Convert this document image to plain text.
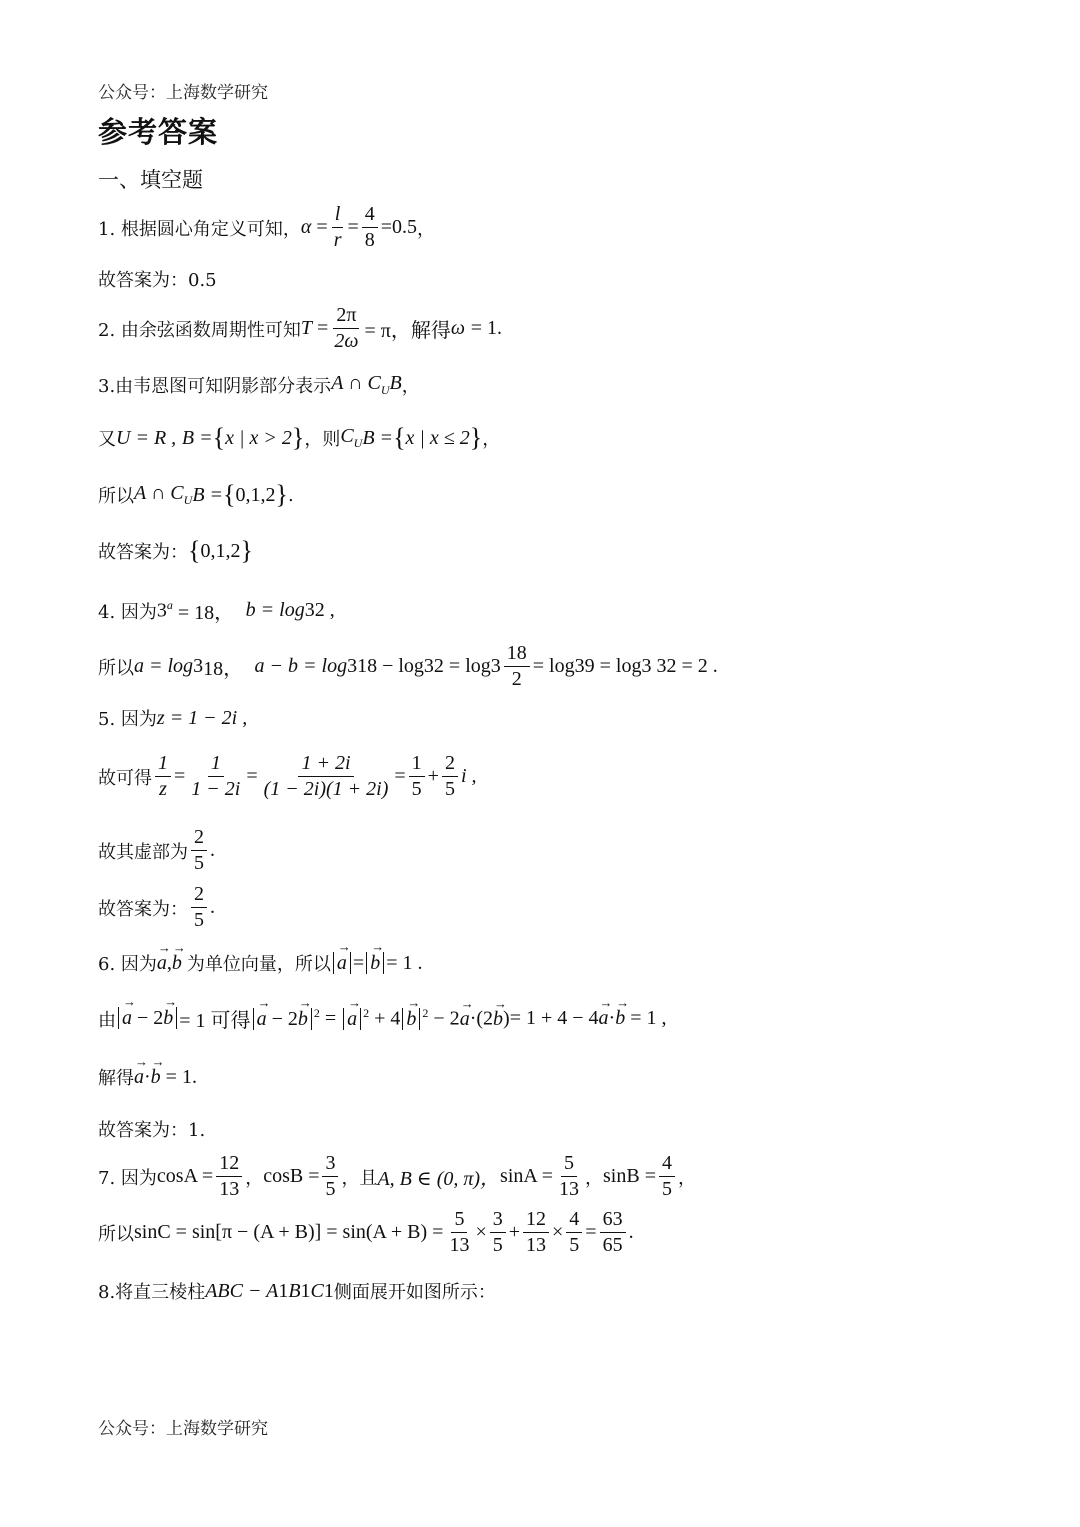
公众号：上海数学研究
参考答案
一、填空题
1. 根据圆心角定义可知， $\alpha = \frac{l}{r} = \frac{4}{8} = 0.5$ ，
故答案为：0.5
2. 由余弦函数周期性可知 $T = \frac{2\pi}{2\omega} = \pi$，解得 ω
= 1.
3.由韦恩图可知阴影部分表示 A ∩ $C_UB$ ，
又 U = R ,
B = { x | x > 2 } ，则 $C_U$ B = { x | x ≤ 2 } ，
所以 A ∩ $C_U$ B = { 0,1,2 } .
故答案为： { 0,1,2 }
4. 因为 $3^a = 18$，
b = log 3 2 ,
所以 a = log 3 18，
a − b = log 3 18 − log 3 $2 = \log 3 \frac{18}{2} = \log 3$ 9 = log 3
3 2
= 2 .
5. 因为 z = 1 − 2i ,
故可得 $\frac{1}{z} = \frac{1}{1 - 2i} = \frac{1 + 2i}{(1 - 2i)(1 + 2i)} = \frac{1}{5} + \frac{2}{5}$ i ,
故其虚部为 $\frac{2}{5}$ .
故答案为： $\frac{2}{5}$ .
6. 因为 → a,→ b 为单位向量，所以 → a = → b = 1 .
由 → a − 2→ b = 1 可得 → a − 2→ b $^2$ = → a $^2$ + 4 → b $^2$ − 2→ a·(2→ b) = 1 + 4 − 4 → a·→ b = 1 ,
解得 → a·→ b = 1.
故答案为：1.
7. 因为 $\cos A = \frac{12}{13}$ ， $\cos B = \frac{3}{5}$ ， 且 A, B ∈ (0, π)， $\sin A = \frac{5}{13}$ ， $\sin B = \frac{4}{5}$ ，
所以 $\sin C = \sin[\pi - (A + B)] = \sin(A + B) = \frac{5}{13} \times \frac{3}{5} + \frac{12}{13} \times \frac{4}{5} = \frac{63}{65}$ .
8.将直三棱柱 ABC − A 1 B 1 C 1 侧面展开如图所示：
公众号：上海数学研究
